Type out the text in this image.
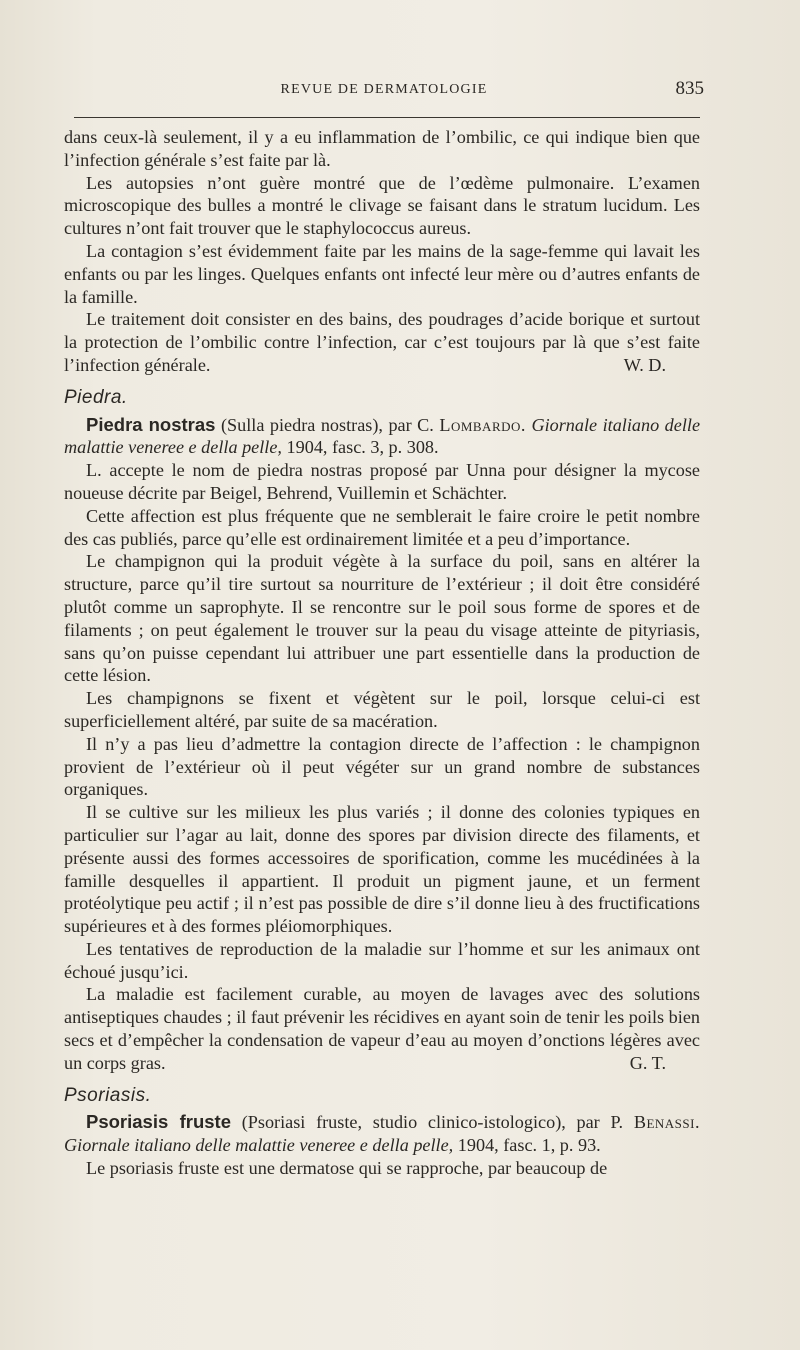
REVUE DE DERMATOLOGIE	835

dans ceux-là seulement, il y a eu inflammation de l’ombilic, ce qui indique bien que l’infection générale s’est faite par là.

Les autopsies n’ont guère montré que de l’œdème pulmonaire. L’examen microscopique des bulles a montré le clivage se faisant dans le stratum lucidum. Les cultures n’ont fait trouver que le staphylococcus aureus.

La contagion s’est évidemment faite par les mains de la sage-femme qui lavait les enfants ou par les linges. Quelques enfants ont infecté leur mère ou d’autres enfants de la famille.

Le traitement doit consister en des bains, des poudrages d’acide borique et surtout la protection de l’ombilic contre l’infection, car c’est toujours par là que s’est faite l’infection générale.	W. D.

Piedra.

Piedra nostras (Sulla piedra nostras), par C. Lombardo. Giornale italiano delle malattie veneree e della pelle, 1904, fasc. 3, p. 308.

L. accepte le nom de piedra nostras proposé par Unna pour désigner la mycose noueuse décrite par Beigel, Behrend, Vuillemin et Schächter.

Cette affection est plus fréquente que ne semblerait le faire croire le petit nombre des cas publiés, parce qu’elle est ordinairement limitée et a peu d’importance.

Le champignon qui la produit végète à la surface du poil, sans en altérer la structure, parce qu’il tire surtout sa nourriture de l’extérieur ; il doit être considéré plutôt comme un saprophyte. Il se rencontre sur le poil sous forme de spores et de filaments ; on peut également le trouver sur la peau du visage atteinte de pityriasis, sans qu’on puisse cependant lui attribuer une part essentielle dans la production de cette lésion.

Les champignons se fixent et végètent sur le poil, lorsque celui-ci est superficiellement altéré, par suite de sa macération.

Il n’y a pas lieu d’admettre la contagion directe de l’affection : le champignon provient de l’extérieur où il peut végéter sur un grand nombre de substances organiques.

Il se cultive sur les milieux les plus variés ; il donne des colonies typiques en particulier sur l’agar au lait, donne des spores par division directe des filaments, et présente aussi des formes accessoires de sporification, comme les mucédinées à la famille desquelles il appartient. Il produit un pigment jaune, et un ferment protéolytique peu actif ; il n’est pas possible de dire s’il donne lieu à des fructifications supérieures et à des formes pléiomorphiques.

Les tentatives de reproduction de la maladie sur l’homme et sur les animaux ont échoué jusqu’ici.

La maladie est facilement curable, au moyen de lavages avec des solutions antiseptiques chaudes ; il faut prévenir les récidives en ayant soin de tenir les poils bien secs et d’empêcher la condensation de vapeur d’eau au moyen d’onctions légères avec un corps gras.	G. T.

Psoriasis.

Psoriasis fruste (Psoriasi fruste, studio clinico-istologico), par P. Benassi. Giornale italiano delle malattie veneree e della pelle, 1904, fasc. 1, p. 93.

Le psoriasis fruste est une dermatose qui se rapproche, par beaucoup de
